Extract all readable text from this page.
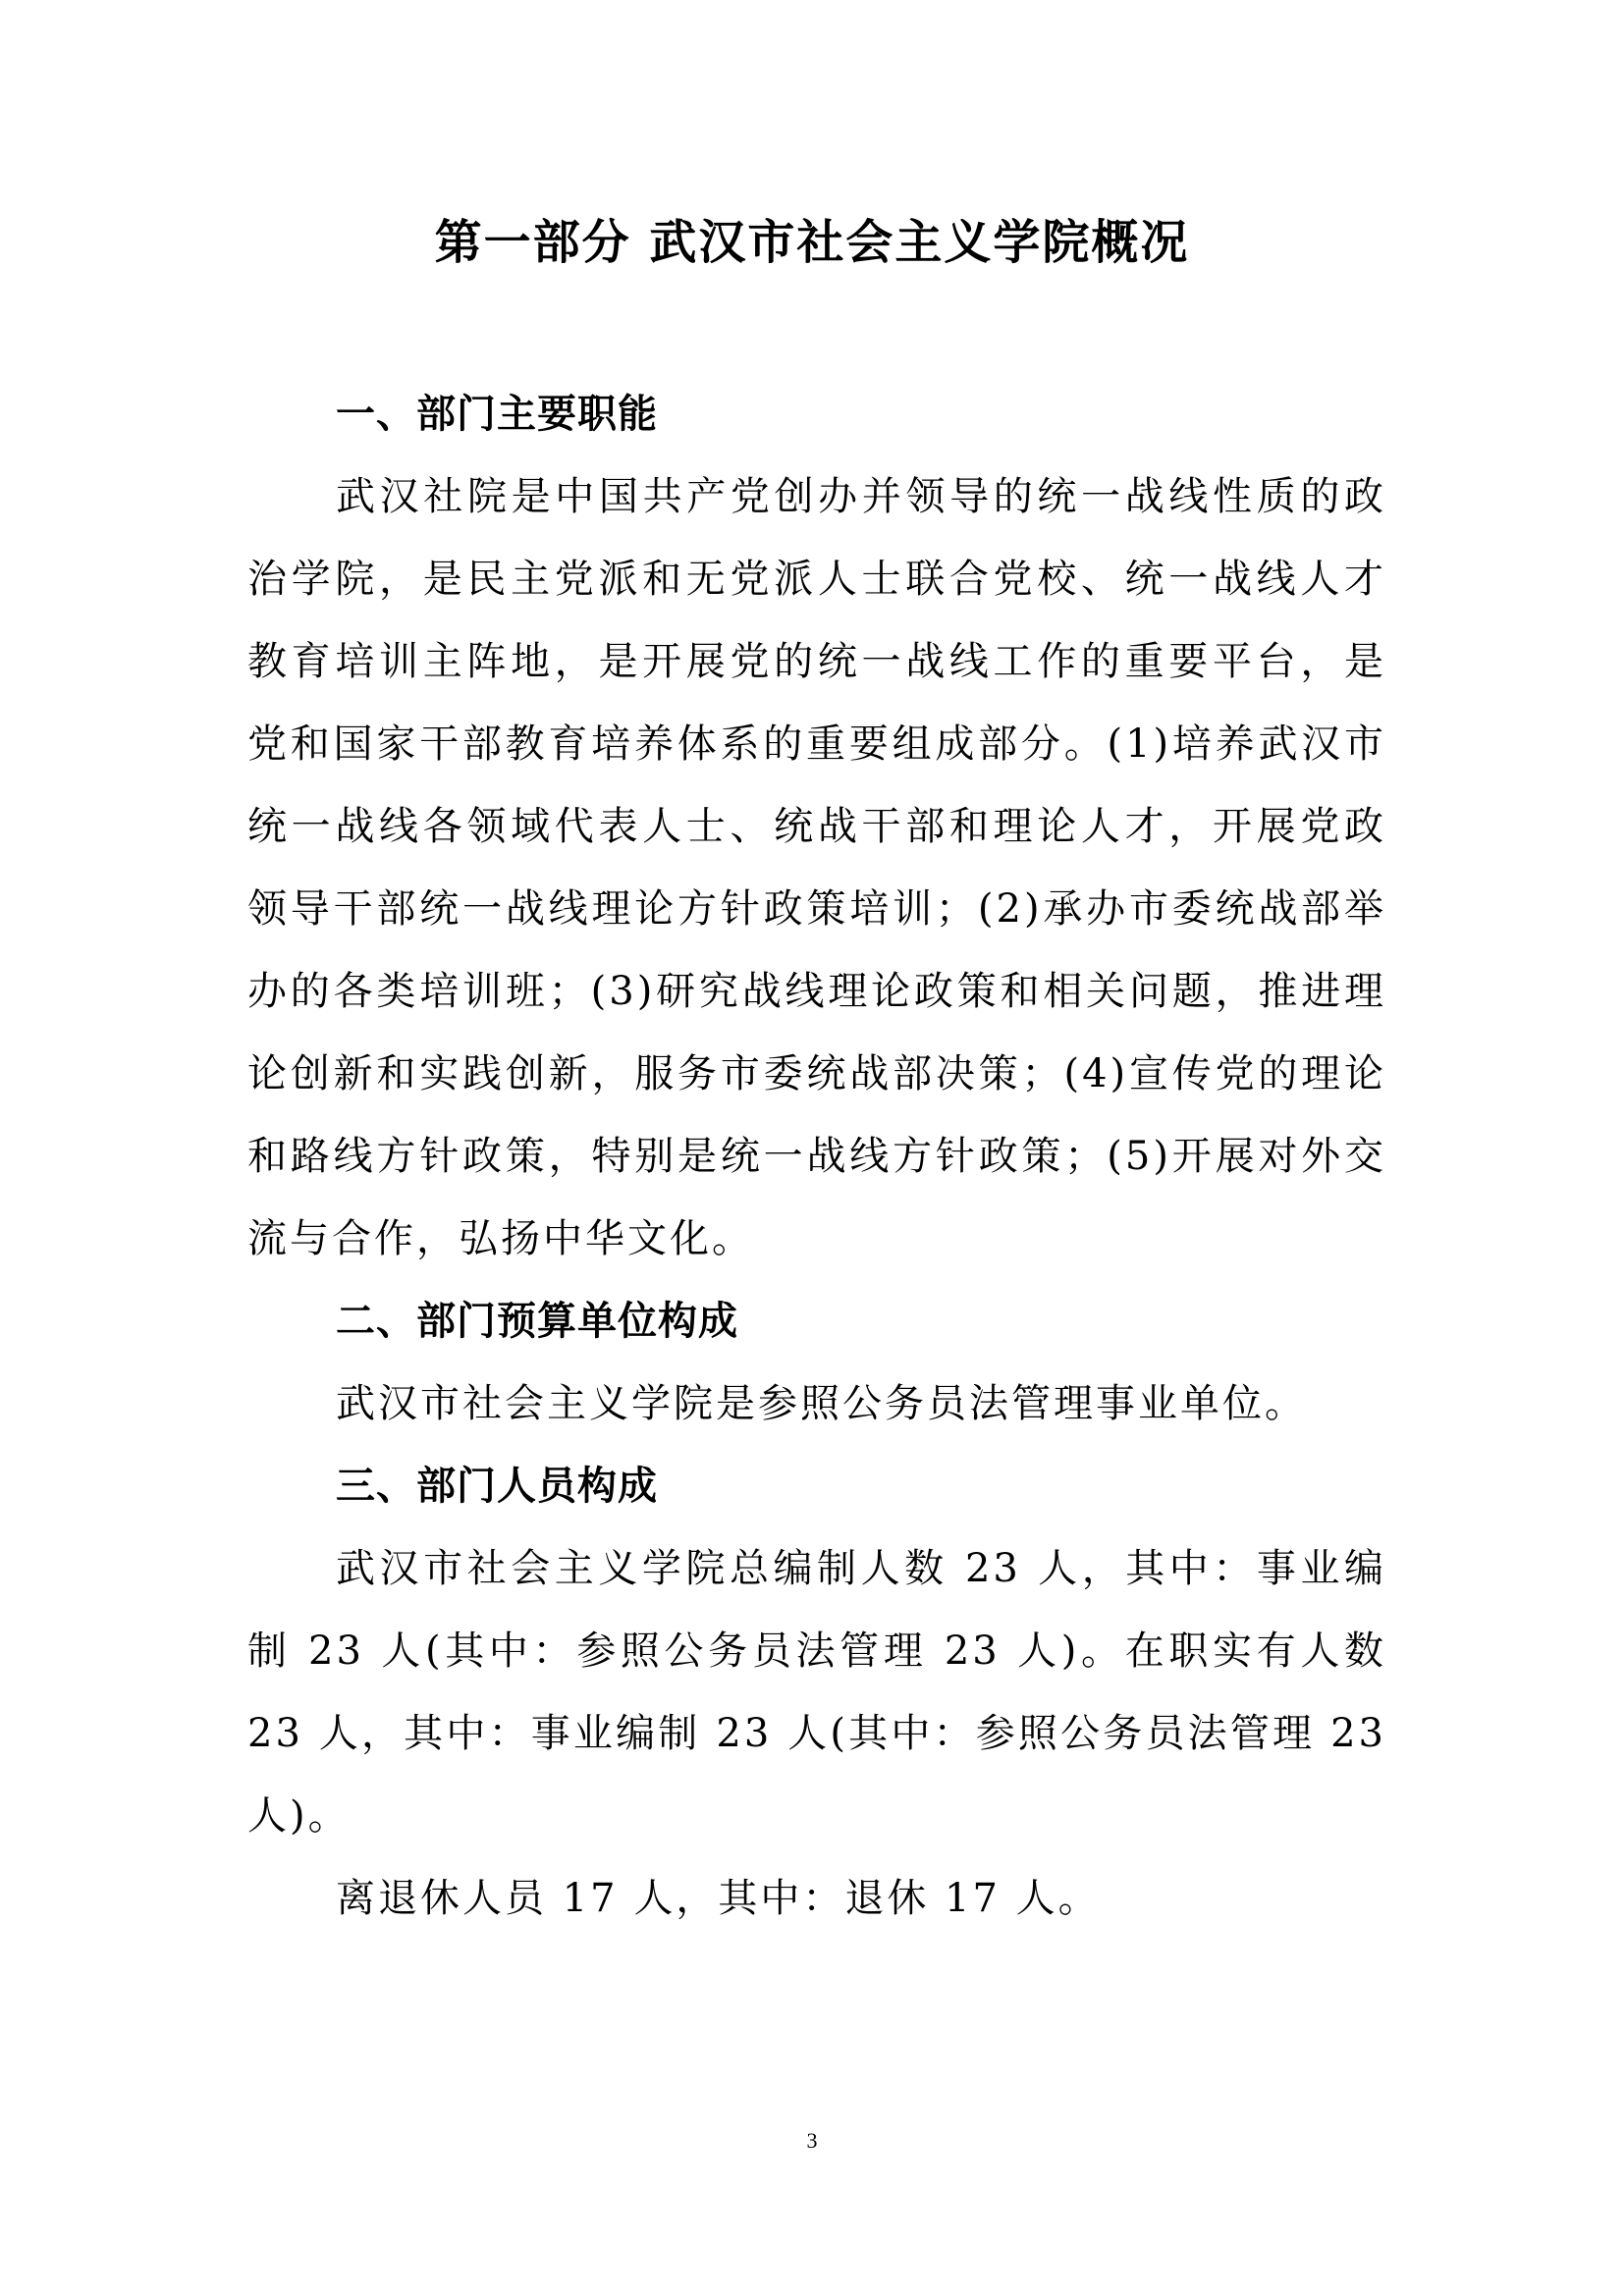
第一部分 武汉市社会主义学院概况
一、部门主要职能

武汉社院是中国共产党创办并领导的统一战线性质的政治学院，是民主党派和无党派人士联合党校、统一战线人才教育培训主阵地，是开展党的统一战线工作的重要平台，是党和国家干部教育培养体系的重要组成部分。(1)培养武汉市统一战线各领域代表人士、统战干部和理论人才，开展党政领导干部统一战线理论方针政策培训；(2)承办市委统战部举办的各类培训班；(3)研究战线理论政策和相关问题，推进理论创新和实践创新，服务市委统战部决策；(4)宣传党的理论和路线方针政策，特别是统一战线方针政策；(5)开展对外交流与合作，弘扬中华文化。

二、部门预算单位构成

武汉市社会主义学院是参照公务员法管理事业单位。

三、部门人员构成

武汉市社会主义学院总编制人数 23 人，其中：事业编制 23 人(其中：参照公务员法管理 23 人)。在职实有人数 23 人，其中：事业编制 23 人(其中：参照公务员法管理 23 人)。

离退休人员 17 人，其中：退休 17 人。

3
